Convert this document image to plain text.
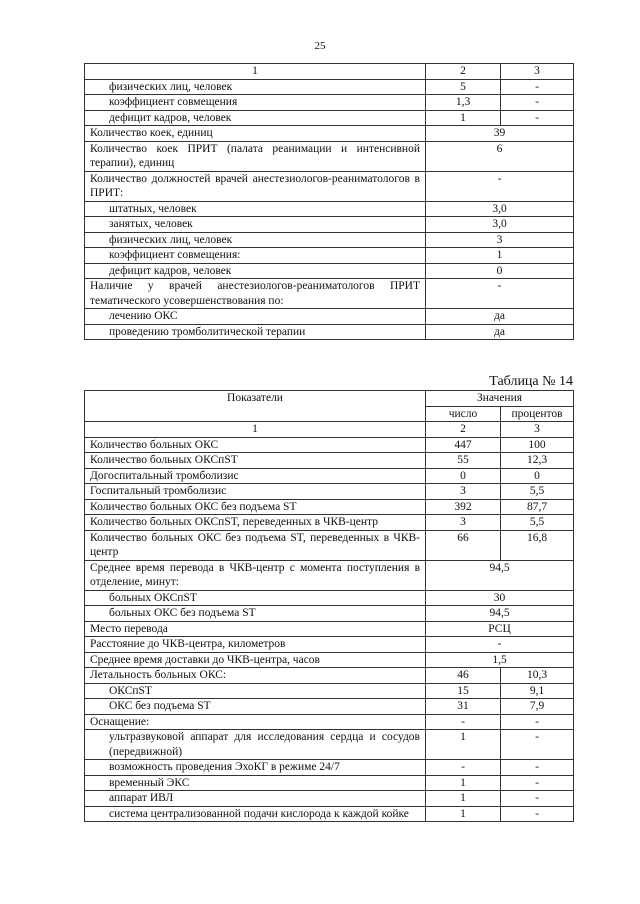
25
1	2	3
физических лиц, человек	5	-
коэффициент совмещения	1,3	-
дефицит кадров, человек	1	-
Количество коек, единиц	39	
Количество коек ПРИТ (палата реанимации и интенсивной терапии), единиц	6	
Количество должностей врачей анестезиологов-реаниматологов в ПРИТ:	-	
штатных, человек	3,0	
занятых, человек	3,0	
физических лиц, человек	3	
коэффициент совмещения:	1	
дефицит кадров, человек	0	
Наличие у врачей анестезиологов-реаниматологов ПРИТ тематического усовершенствования по:	-	
лечению ОКС	да	
проведению тромболитической терапии	да	
Таблица № 14
Показатели	Значения	
	число	процентов
1	2	3
Количество больных ОКС	447	100
Количество больных ОКСпST	55	12,3
Догоспитальный тромболизис	0	0
Госпитальный тромболизис	3	5,5
Количество больных ОКС без подъема ST	392	87,7
Количество больных ОКСпST, переведенных в ЧКВ-центр	3	5,5
Количество больных ОКС без подъема ST, переведенных в ЧКВ-центр	66	16,8
Среднее время перевода в ЧКВ-центр с момента поступления в отделение, минут:	94,5	
больных ОКСпST	30	
больных ОКС без подъема ST	94,5	
Место перевода	РСЦ	
Расстояние до ЧКВ-центра, километров	-	
Среднее время доставки до ЧКВ-центра, часов	1,5	
Летальность больных ОКС:	46	10,3
ОКСпST	15	9,1
ОКС без подъема ST	31	7,9
Оснащение:	-	-
ультразвуковой аппарат для исследования сердца и сосудов (передвижной)	1	-
возможность проведения ЭхоКГ в режиме 24/7	-	-
временный ЭКС	1	-
аппарат ИВЛ	1	-
система централизованной подачи кислорода к каждой койке	1	-
